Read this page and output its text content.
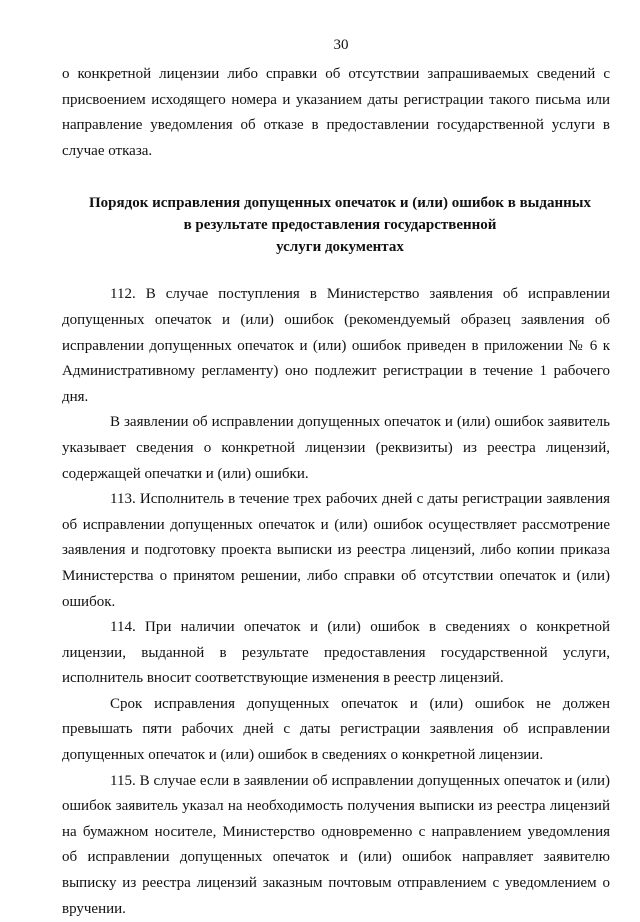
30

о конкретной лицензии либо справки об отсутствии запрашиваемых сведений с присвоением исходящего номера и указанием даты регистрации такого письма или направление уведомления об отказе в предоставлении государственной услуги в случае отказа.

Порядок исправления допущенных опечаток и (или) ошибок в выданных
в результате предоставления государственной
услуги документах

112. В случае поступления в Министерство заявления об исправлении допущенных опечаток и (или) ошибок (рекомендуемый образец заявления об исправлении допущенных опечаток и (или) ошибок приведен в приложении № 6 к Административному регламенту) оно подлежит регистрации в течение 1 рабочего дня.

В заявлении об исправлении допущенных опечаток и (или) ошибок заявитель указывает сведения о конкретной лицензии (реквизиты) из реестра лицензий, содержащей опечатки и (или) ошибки.

113. Исполнитель в течение трех рабочих дней с даты регистрации заявления об исправлении допущенных опечаток и (или) ошибок осуществляет рассмотрение заявления и подготовку проекта выписки из реестра лицензий, либо копии приказа Министерства о принятом решении, либо справки об отсутствии опечаток и (или) ошибок.

114. При наличии опечаток и (или) ошибок в сведениях о конкретной лицензии, выданной в результате предоставления государственной услуги, исполнитель вносит соответствующие изменения в реестр лицензий.

Срок исправления допущенных опечаток и (или) ошибок не должен превышать пяти рабочих дней с даты регистрации заявления об исправлении допущенных опечаток и (или) ошибок в сведениях о конкретной лицензии.

115. В случае если в заявлении об исправлении допущенных опечаток и (или) ошибок заявитель указал на необходимость получения выписки из реестра лицензий на бумажном носителе, Министерство одновременно с направлением уведомления об исправлении допущенных опечаток и (или) ошибок направляет заявителю выписку из реестра лицензий заказным почтовым отправлением с уведомлением о вручении.
